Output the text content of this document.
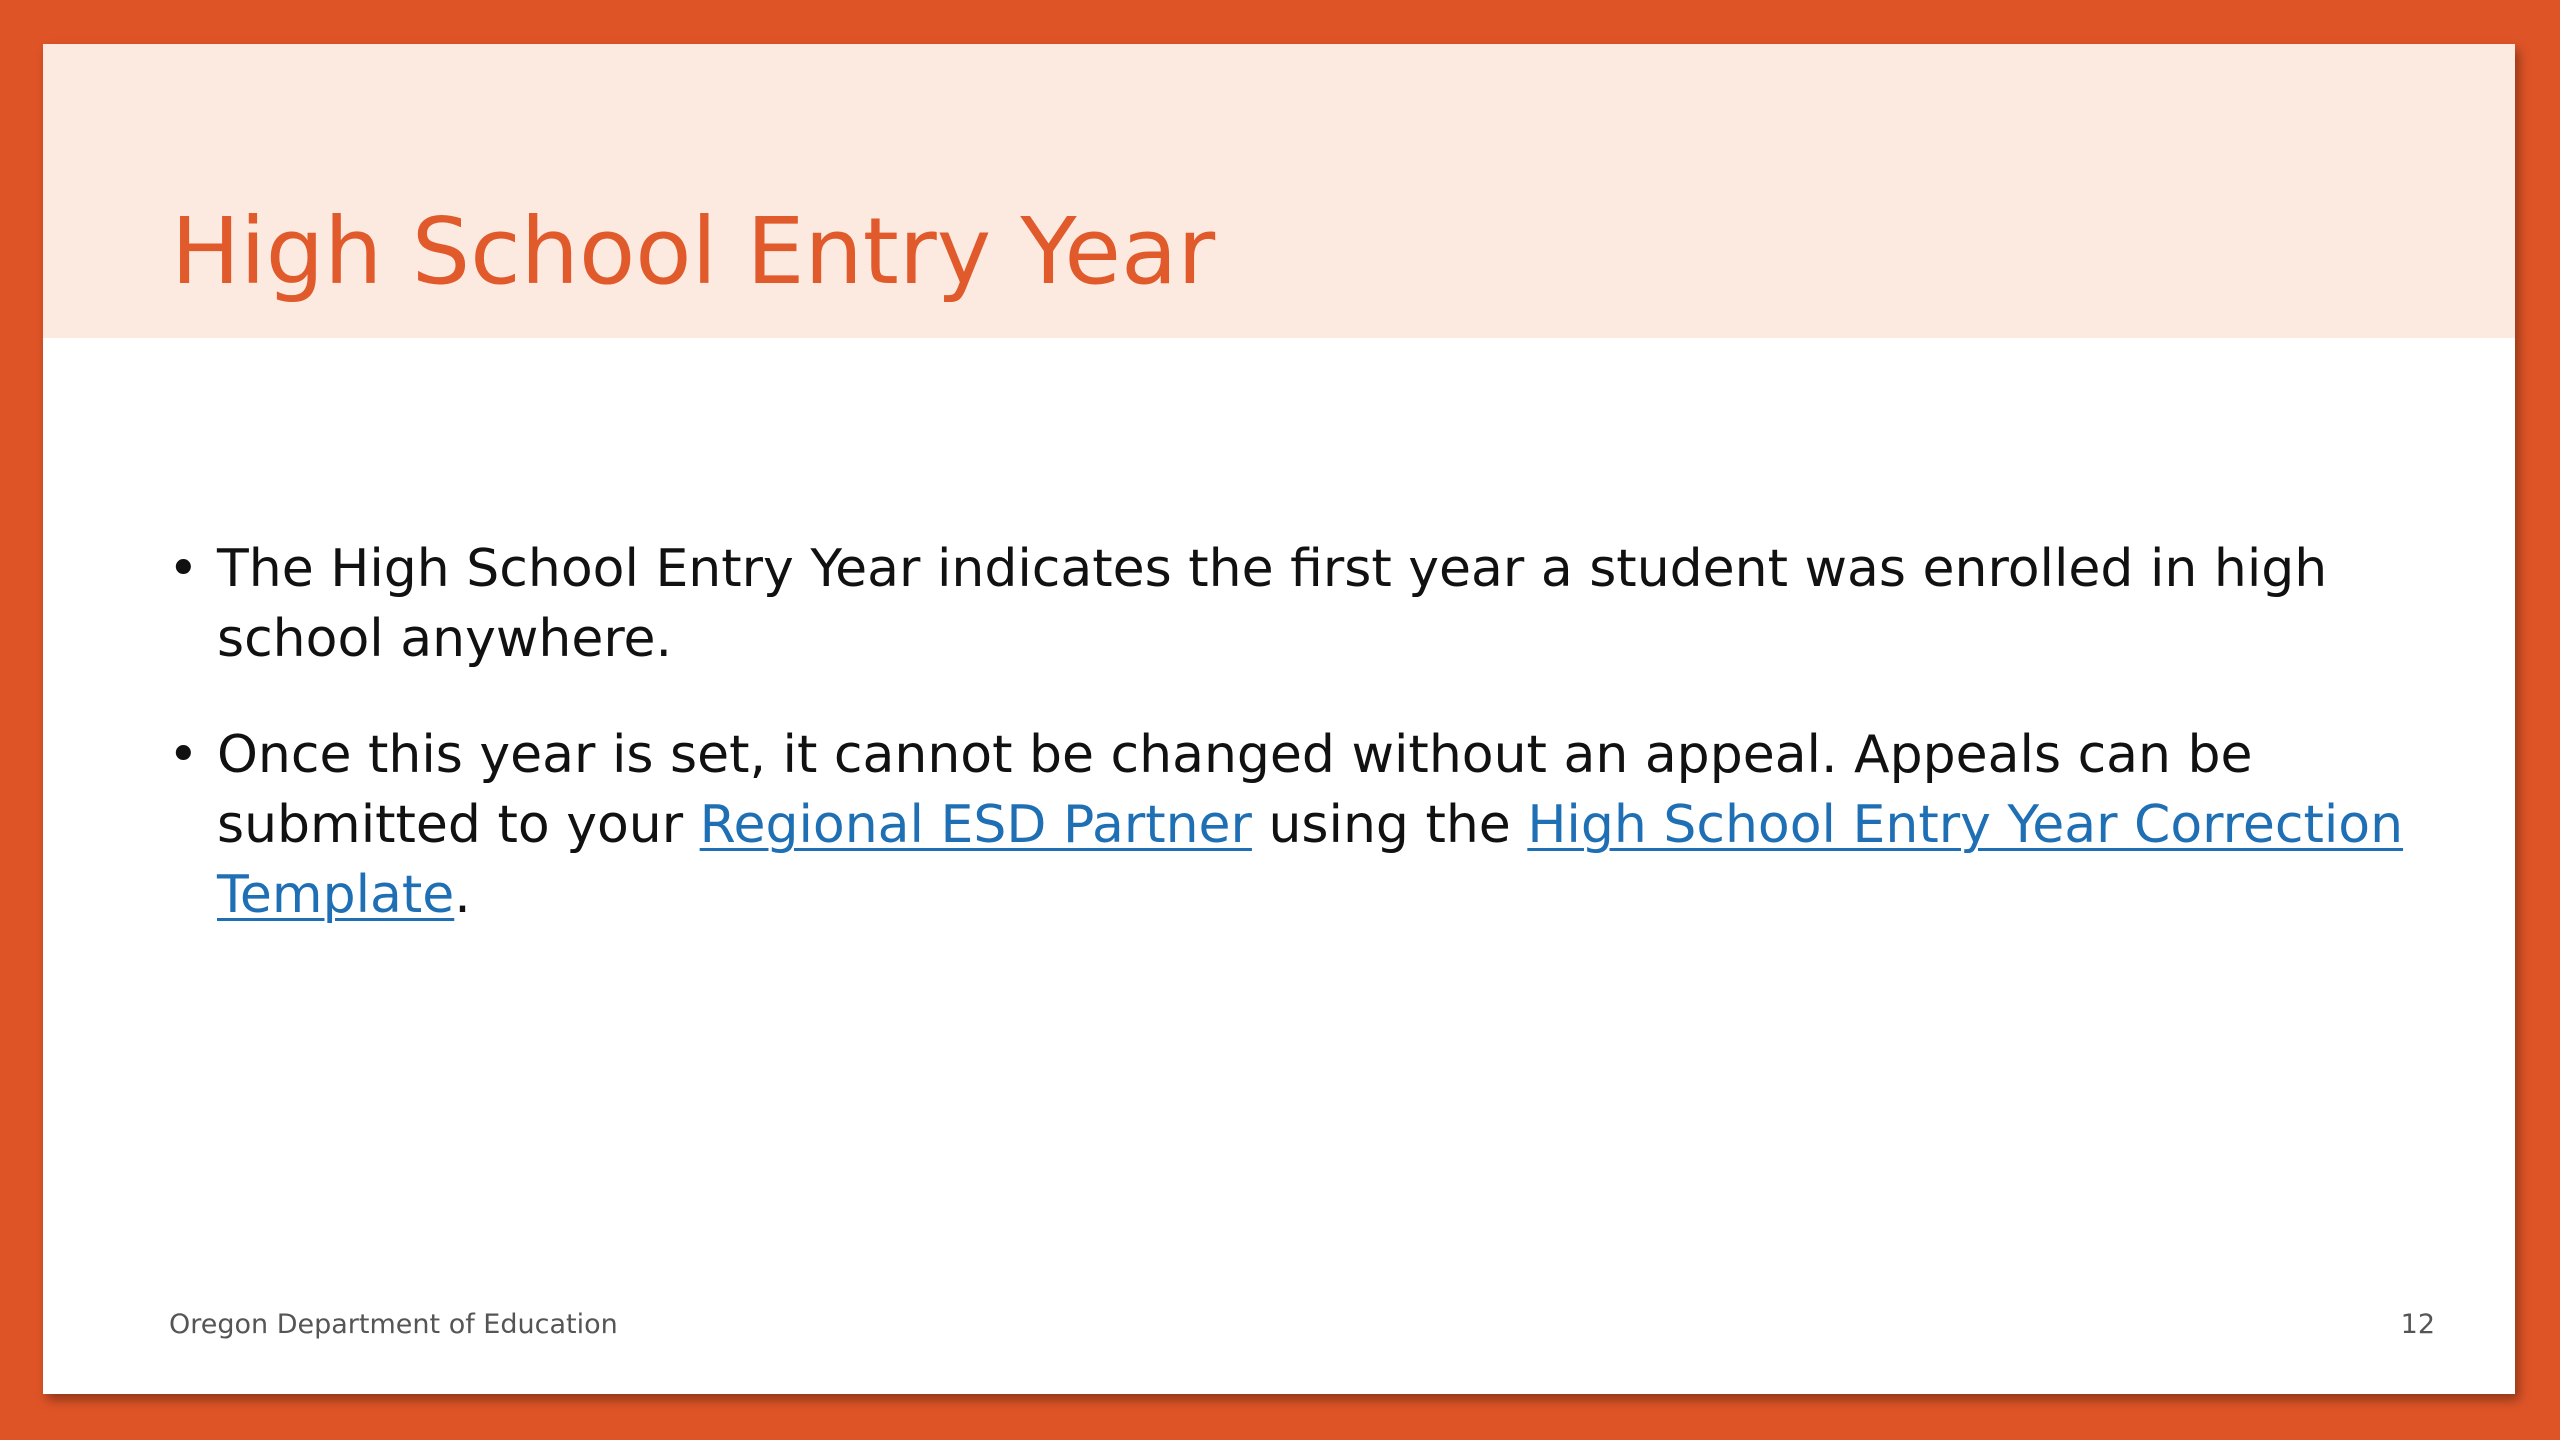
High School Entry Year

• The High School Entry Year indicates the first year a student was enrolled in high school anywhere.

• Once this year is set, it cannot be changed without an appeal. Appeals can be submitted to your Regional ESD Partner using the High School Entry Year Correction Template.

Oregon Department of Education	12
